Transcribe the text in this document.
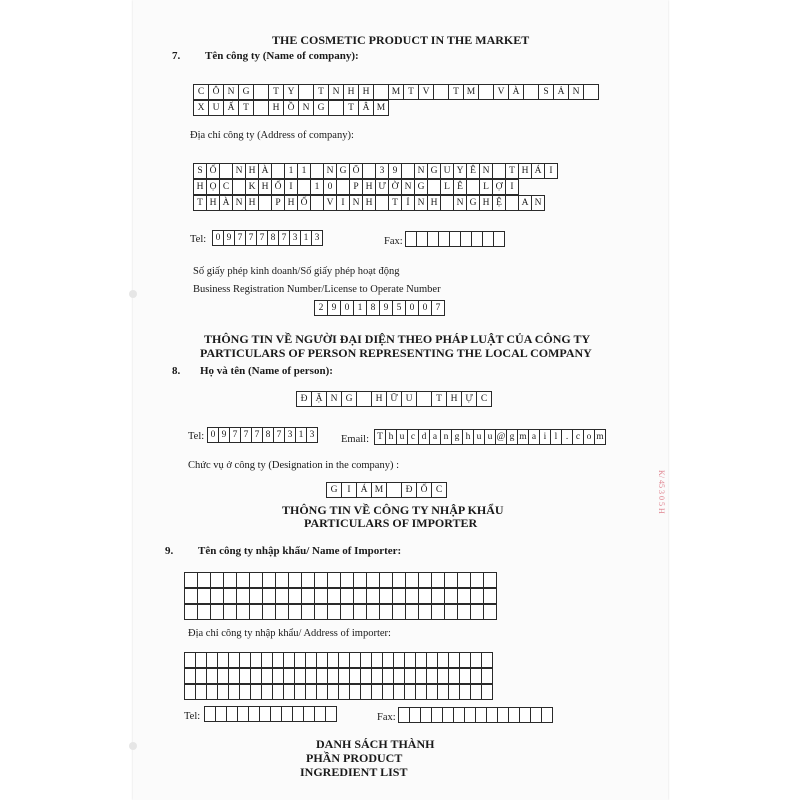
THE COSMETIC PRODUCT IN THE MARKET
7. Tên công ty (Name of company):
C Ô N G	T Y	T N H H	M T V	T M	V À	S Ả N
X U Ấ T	H Ồ N G	T Â M
Địa chỉ công ty (Address of company):
S Ố	N H À	1 1	N G Õ	3 9	N G U Y Ê N	T H Á I
H Ọ C	K H Ố I	1 0	P H Ư Ờ N G	L Ê	L Ợ I
T H À N H	P H Ố	V I N H	T Ỉ N H	N G H Ệ	A N
Tel: 0 9 7 7 7 8 7 3 1 3	Fax:
Số giấy phép kinh doanh/Số giấy phép hoạt động
Business Registration Number/License to Operate Number
2 9 0 1 8 9 5 0 0 7
THÔNG TIN VỀ NGƯỜI ĐẠI DIỆN THEO PHÁP LUẬT CỦA CÔNG TY
PARTICULARS OF PERSON REPRESENTING THE LOCAL COMPANY
8. Họ và tên (Name of person):
Đ Ặ N G	H Ữ U	T H Ự C
Tel: 0 9 7 7 7 8 7 3 1 3	Email: T h u c d a n g h u u @ g m a i l . c o m
Chức vụ ở công ty (Designation in the company) :
G	I	Á M	Đ Ố C
THÔNG TIN VỀ CÔNG TY NHẬP KHẨU
PARTICULARS OF IMPORTER
9. Tên công ty nhập khẩu/ Name of Importer:
Địa chỉ công ty nhập khẩu/ Address of importer:
Tel:	Fax:
DANH SÁCH THÀNH
PHẦN PRODUCT
INGREDIENT LIST
K/ 45 3 0 5 H
